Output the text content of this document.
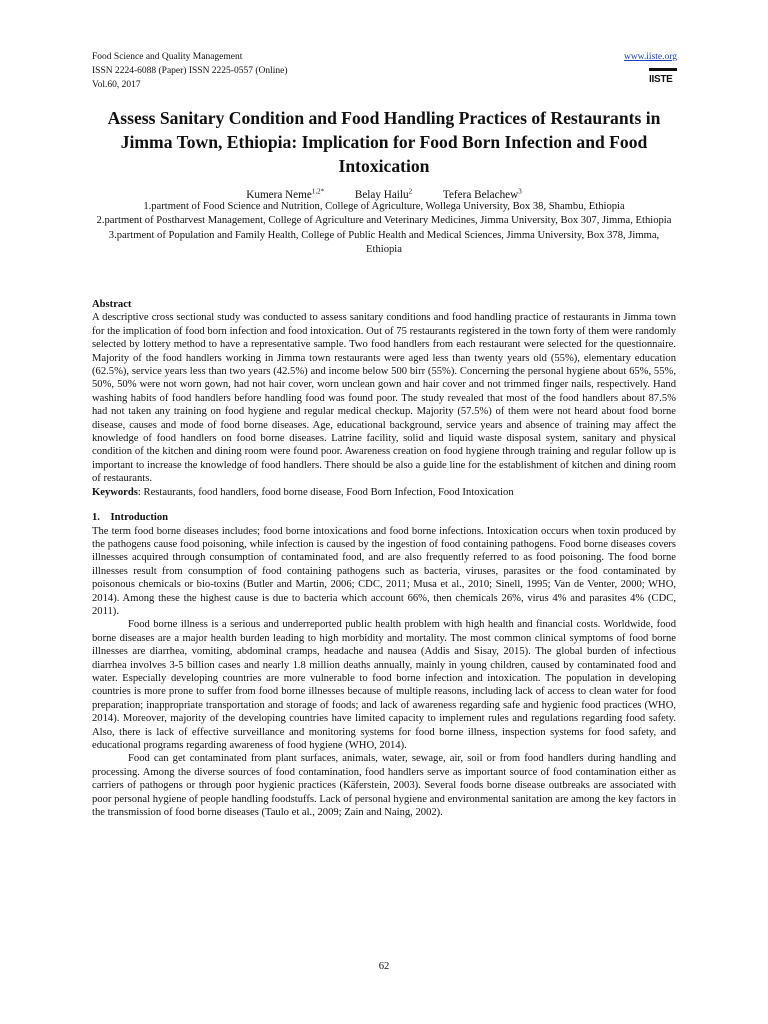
Food Science and Quality Management
ISSN 2224-6088 (Paper) ISSN 2225-0557 (Online)
Vol.60, 2017
www.iiste.org
IISTE
Assess Sanitary Condition and Food Handling Practices of Restaurants in Jimma Town, Ethiopia: Implication for Food Born Infection and Food Intoxication
Kumera Neme$^{1,2*}$	Belay Hailu$^2$	Tefera Belachew$^3$

1.partment of Food Science and Nutrition, College of Agriculture, Wollega University, Box 38, Shambu, Ethiopia

2.partment of Postharvest Management, College of Agriculture and Veterinary Medicines, Jimma University, Box 307, Jimma, Ethiopia

3.partment of Population and Family Health, College of Public Health and Medical Sciences, Jimma University, Box 378, Jimma, Ethiopia

Abstract

A descriptive cross sectional study was conducted to assess sanitary conditions and food handling practice of restaurants in Jimma town for the implication of food born infection and food intoxication. Out of 75 restaurants registered in the town forty of them were randomly selected by lottery method to have a representative sample. Two food handlers from each restaurant were selected for the questionnaire. Majority of the food handlers working in Jimma town restaurants were aged less than twenty years old (55%), elementary education (62.5%), service years less than two years (42.5%) and income below 500 birr (55%). Concerning the personal hygiene about 65%, 55%, 50%, 50% were not worn gown, had not hair cover, worn unclean gown and hair cover and not trimmed finger nails, respectively. Hand washing habits of food handlers before handling food was found poor. The study revealed that most of the food handlers about 87.5% had not taken any training on food hygiene and regular medical checkup. Majority (57.5%) of them were not heard about food borne disease, causes and mode of food borne diseases. Age, educational background, service years and absence of training may affect the knowledge of food handlers on food borne diseases. Latrine facility, solid and liquid waste disposal system, sanitary and physical condition of the kitchen and dining room were found poor. Awareness creation on food hygiene through training and regular follow up is important to increase the knowledge of food handlers. There should be also a guide line for the establishment of kitchen and dining room of restaurants.

Keywords: Restaurants, food handlers, food borne disease, Food Born Infection, Food Intoxication

1.    Introduction

The term food borne diseases includes; food borne intoxications and food borne infections. Intoxication occurs when toxin produced by the pathogens cause food poisoning, while infection is caused by the ingestion of food containing pathogens. Food borne diseases covers illnesses acquired through consumption of contaminated food, and are also frequently referred to as food poisoning. The food borne illnesses result from consumption of food containing pathogens such as bacteria, viruses, parasites or the food contaminated by poisonous chemicals or bio-toxins (Butler and Martin, 2006; CDC, 2011; Musa et al., 2010; Sinell, 1995; Van de Venter, 2000; WHO, 2014). Among these the highest cause is due to bacteria which account 66%, then chemicals 26%, virus 4% and parasites 4% (CDC, 2011).

Food borne illness is a serious and underreported public health problem with high health and financial costs. Worldwide, food borne diseases are a major health burden leading to high morbidity and mortality. The most common clinical symptoms of food borne illnesses are diarrhea, vomiting, abdominal cramps, headache and nausea (Addis and Sisay, 2015). The global burden of infectious diarrhea involves 3-5 billion cases and nearly 1.8 million deaths annually, mainly in young children, caused by contaminated food and water. Especially developing countries are more vulnerable to food borne infection and intoxication. The population in developing countries is more prone to suffer from food borne illnesses because of multiple reasons, including lack of access to clean water for food preparation; inappropriate transportation and storage of foods; and lack of awareness regarding safe and hygienic food practices (WHO, 2014). Moreover, majority of the developing countries have limited capacity to implement rules and regulations regarding food safety. Also, there is lack of effective surveillance and monitoring systems for food borne illness, inspection systems for food safety, and educational programs regarding awareness of food hygiene (WHO, 2014).

Food can get contaminated from plant surfaces, animals, water, sewage, air, soil or from food handlers during handling and processing. Among the diverse sources of food contamination, food handlers serve as important source of food contamination either as carriers of pathogens or through poor hygienic practices (Käferstein, 2003). Several foods borne disease outbreaks are associated with poor personal hygiene of people handling foodstuffs. Lack of personal hygiene and environmental sanitation are among the key factors in the transmission of food borne diseases (Taulo et al., 2009; Zain and Naing, 2002).

62
